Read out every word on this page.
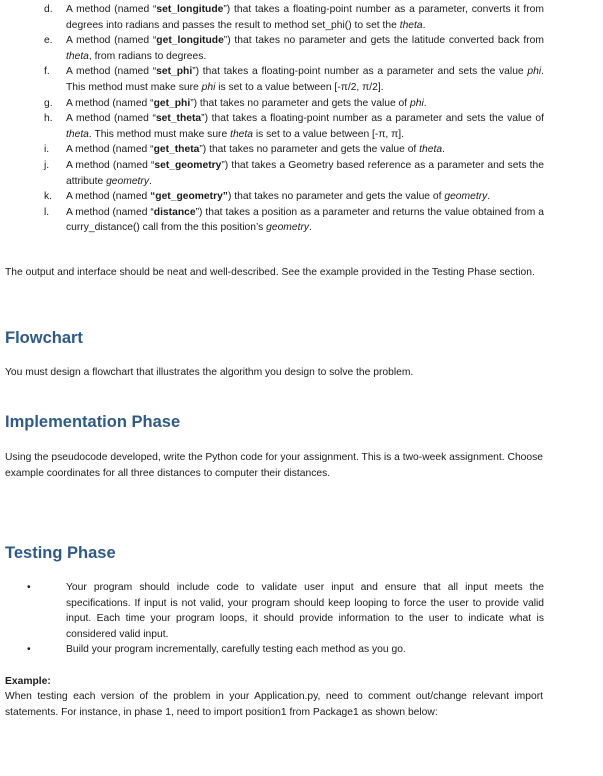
d. A method (named “set_longitude”) that takes a floating-point number as a parameter, converts it from degrees into radians and passes the result to method set_phi() to set the theta.
e. A method (named “get_longitude”) that takes no parameter and gets the latitude converted back from theta, from radians to degrees.
f. A method (named “set_phi”) that takes a floating-point number as a parameter and sets the value phi. This method must make sure phi is set to a value between [-π/2, π/2].
g. A method (named “get_phi”) that takes no parameter and gets the value of phi.
h. A method (named “set_theta”) that takes a floating-point number as a parameter and sets the value of theta. This method must make sure theta is set to a value between [-π, π].
i. A method (named “get_theta”) that takes no parameter and gets the value of theta.
j. A method (named “set_geometry”) that takes a Geometry based reference as a parameter and sets the attribute geometry.
k. A method (named “get_geometry”) that takes no parameter and gets the value of geometry.
l. A method (named “distance”) that takes a position as a parameter and returns the value obtained from a curry_distance() call from the this position’s geometry.

The output and interface should be neat and well-described. See the example provided in the Testing Phase section.

Flowchart

You must design a flowchart that illustrates the algorithm you design to solve the problem.

Implementation Phase

Using the pseudocode developed, write the Python code for your assignment. This is a two-week assignment. Choose example coordinates for all three distances to computer their distances.

Testing Phase
•	Your program should include code to validate user input and ensure that all input meets the specifications. If input is not valid, your program should keep looping to force the user to provide valid input. Each time your program loops, it should provide information to the user to indicate what is considered valid input.
•	Build your program incrementally, carefully testing each method as you go.

Example:

When testing each version of the problem in your Application.py, need to comment out/change relevant import statements. For instance, in phase 1, need to import position1 from Package1 as shown below:
